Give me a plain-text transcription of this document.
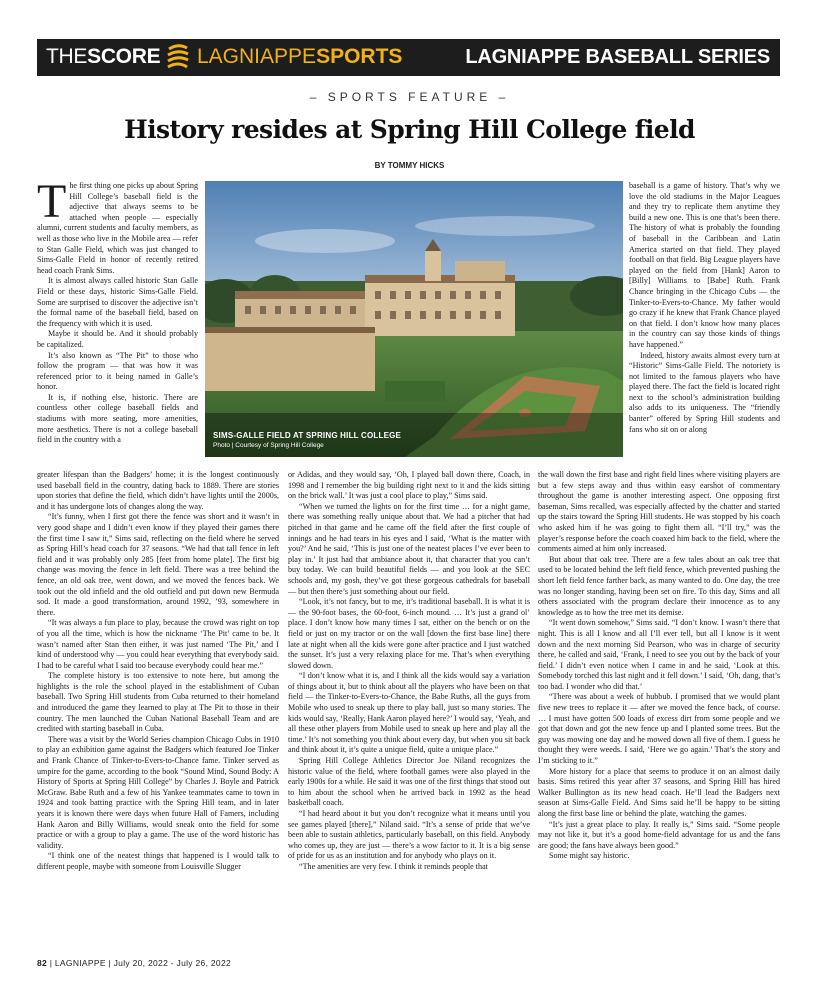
THESCORE LAGNIAPPESPORTS	LAGNIAPPE BASEBALL SERIES
– SPORTS FEATURE –
History resides at Spring Hill College field
BY TOMMY HICKS
T he first thing one picks up about Spring Hill College’s baseball field is the adjective that always seems to be attached when people — especially alumni, current students and faculty members, as well as those who live in the Mobile area — refer to Stan Galle Field, which was just changed to Sims-Galle Field in honor of recently retired head coach Frank Sims.

It is almost always called historic Stan Galle Field or these days, historic Sims-Galle Field. Some are surprised to discover the adjective isn’t the formal name of the baseball field, based on the frequency with which it is used.

Maybe it should be. And it should probably be capitalized.

It’s also known as “The Pit” to those who follow the program — that was how it was referenced prior to it being named in Galle’s honor.

It is, if nothing else, historic. There are countless other college baseball fields and stadiums with more seating, more amenities, more aesthetics. There is not a college baseball field in the country with a	SIMS-GALLE FIELD AT SPRING HILL COLLEGE
Photo | Courtesy of Spring Hill College

baseball is a game of history. That’s why we love the old stadiums in the Major Leagues and they try to replicate them anytime they build a new one. This is one that’s been there. The history of what is probably the founding of baseball in the Caribbean and Latin America started on that field. They played football on that field. Big League players have played on the field from [Hank] Aaron to [Billy] Williams to [Babe] Ruth. Frank Chance bringing in the Chicago Cubs — the Tinker-to-Evers-to-Chance. My father would go crazy if he knew that Frank Chance played on that field. I don’t know how many places in the country can say those kinds of things have happened.”

Indeed, history awaits almost every turn at “Historic” Sims-Galle Field. The notoriety is not limited to the famous players who have played there. The fact the field is located right next to the school’s administration building also adds to its uniqueness. The “friendly banter” offered by Spring Hill students and fans who sit on or along

greater lifespan than the Badgers’ home; it is the longest continuously used baseball field in the country, dating back to 1889. There are stories upon stories that define the field, which didn’t have lights until the 2000s, and it has undergone lots of changes along the way.

“It’s funny, when I first got there the fence was short and it wasn’t in very good shape and I didn’t even know if they played their games there the first time I saw it,” Sims said, reflecting on the field where he served as Spring Hill’s head coach for 37 seasons. “We had that tall fence in left field and it was probably only 285 [feet from home plate]. The first big change was moving the fence in left field. There was a tree behind the fence, an old oak tree, went down, and we moved the fences back. We took out the old infield and the old outfield and put down new Bermuda sod. It made a good transformation, around 1992, ’93, somewhere in there.

“It was always a fun place to play, because the crowd was right on top of you all the time, which is how the nickname ‘The Pit’ came to be. It wasn’t named after Stan then either, it was just named ‘The Pit,’ and I kind of understood why — you could hear everything that everybody said. I had to be careful what I said too because everybody could hear me.”

The complete history is too extensive to note here, but among the highlights is the role the school played in the establishment of Cuban baseball. Two Spring Hill students from Cuba returned to their homeland and introduced the game they learned to play at The Pit to those in their country. The men launched the Cuban National Baseball Team and are credited with starting baseball in Cuba.

There was a visit by the World Series champion Chicago Cubs in 1910 to play an exhibition game against the Badgers which featured Joe Tinker and Frank Chance of Tinker-to-Evers-to-Chance fame. Tinker served as umpire for the game, according to the book “Sound Mind, Sound Body: A History of Sports at Spring Hill College” by Charles J. Boyle and Patrick McGraw. Babe Ruth and a few of his Yankee teammates came to town in 1924 and took batting practice with the Spring Hill team, and in later years it is known there were days when future Hall of Famers, including Hank Aaron and Billy Williams, would sneak onto the field for some practice or with a group to play a game. The use of the word historic has validity.

“I think one of the neatest things that happened is I would talk to different people, maybe with someone from Louisville Slugger

or Adidas, and they would say, ‘Oh, I played ball down there, Coach, in 1998 and I remember the big building right next to it and the kids sitting on the brick wall.’ It was just a cool place to play,” Sims said.

“When we turned the lights on for the first time … for a night game, there was something really unique about that. We had a pitcher that had pitched in that game and he came off the field after the first couple of innings and he had tears in his eyes and I said, ‘What is the matter with you?’ And he said, ‘This is just one of the neatest places I’ve ever been to play in.’ It just had that ambiance about it, that character that you can’t buy today. We can build beautiful fields — and you look at the SEC schools and, my gosh, they’ve got these gorgeous cathedrals for baseball — but then there’s just something about our field.

“Look, it’s not fancy, but to me, it’s traditional baseball. It is what it is — the 90-foot bases, the 60-foot, 6-inch mound. … It’s just a grand ol’ place. I don’t know how many times I sat, either on the bench or on the field or just on my tractor or on the wall [down the first base line] there late at night when all the kids were gone after practice and I just watched the sunset. It’s just a very relaxing place for me. That’s when everything slowed down.

“I don’t know what it is, and I think all the kids would say a variation of things about it, but to think about all the players who have been on that field — the Tinker-to-Evers-to-Chance, the Babe Ruths, all the guys from Mobile who used to sneak up there to play ball, just so many stories. The kids would say, ‘Really, Hank Aaron played here?’ I would say, ‘Yeah, and all these other players from Mobile used to sneak up here and play all the time.’ It’s not something you think about every day, but when you sit back and think about it, it’s quite a unique field, quite a unique place.”

Spring Hill College Athletics Director Joe Niland recognizes the historic value of the field, where football games were also played in the early 1900s for a while. He said it was one of the first things that stood out to him about the school when he arrived back in 1992 as the head basketball coach.

“I had heard about it but you don’t recognize what it means until you see games played [there],” Niland said. “It’s a sense of pride that we’ve been able to sustain athletics, particularly baseball, on this field. Anybody who comes up, they are just — there’s a wow factor to it. It is a big sense of pride for us as an institution and for anybody who plays on it.

“The amenities are very few. I think it reminds people that

the wall down the first base and right field lines where visiting players are but a few steps away and thus within easy earshot of commentary throughout the game is another interesting aspect. One opposing first baseman, Sims recalled, was especially affected by the chatter and started up the stairs toward the Spring Hill students. He was stopped by his coach who asked him if he was going to fight them all. “I’ll try,” was the player’s response before the coach coaxed him back to the field, where the comments aimed at him only increased.

But about that oak tree. There are a few tales about an oak tree that used to be located behind the left field fence, which prevented pushing the short left field fence farther back, as many wanted to do. One day, the tree was no longer standing, having been set on fire. To this day, Sims and all others associated with the program declare their innocence as to any knowledge as to how the tree met its demise.

“It went down somehow,” Sims said. “I don’t know. I wasn’t there that night. This is all I know and all I’ll ever tell, but all I know is it went down and the next morning Sid Pearson, who was in charge of security there, he called and said, ‘Frank, I need to see you out by the back of your field.’ I didn’t even notice when I came in and he said, ‘Look at this. Somebody torched this last night and it fell down.’ I said, ‘Oh, dang, that’s too bad. I wonder who did that.’

“There was about a week of hubbub. I promised that we would plant five new trees to replace it — after we moved the fence back, of course. … I must have gotten 500 loads of excess dirt from some people and we got that down and got the new fence up and I planted some trees. But the guy was mowing one day and he mowed down all five of them. I guess he thought they were weeds. I said, ‘Here we go again.’ That’s the story and I’m sticking to it.”

More history for a place that seems to produce it on an almost daily basis. Sims retired this year after 37 seasons, and Spring Hill has hired Walker Bullington as its new head coach. He’ll lead the Badgers next season at Sims-Galle Field. And Sims said he’ll be happy to be sitting along the first base line or behind the plate, watching the games.

“It’s just a great place to play. It really is,” Sims said. “Some people may not like it, but it’s a good home-field advantage for us and the fans are good; the fans have always been good.”

Some might say historic.

82 | LAGNIAPPE | July 20, 2022 - July 26, 2022
